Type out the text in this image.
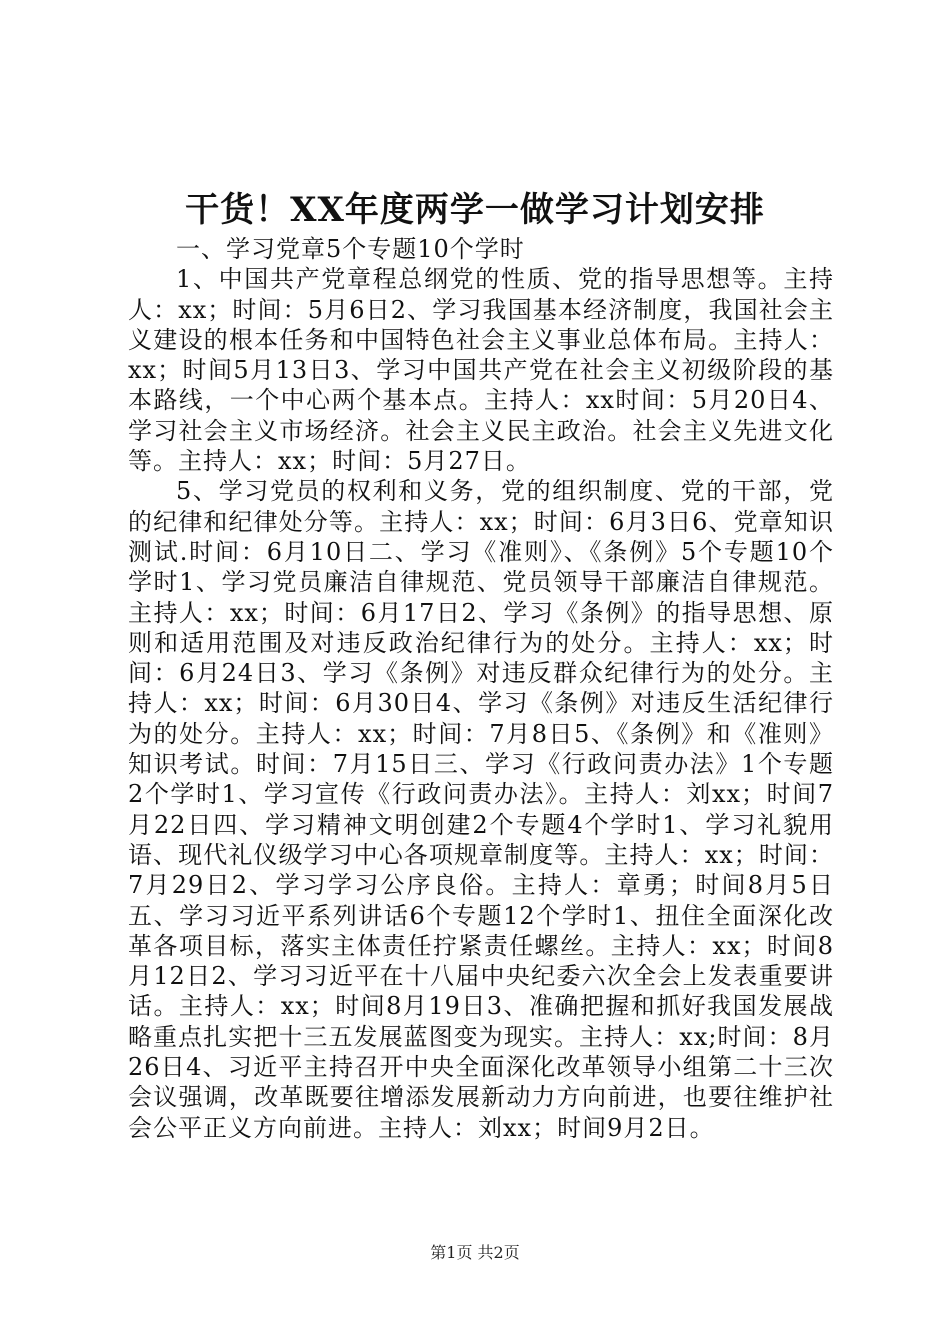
干货！XX年度两学一做学习计划安排

一、学习党章5个专题10个学时

1、中国共产党章程总纲党的性质、党的指导思想等。主持人：xx；时间：5月6日2、学习我国基本经济制度，我国社会主义建设的根本任务和中国特色社会主义事业总体布局。主持人：xx；时间5月13日3、学习中国共产党在社会主义初级阶段的基本路线，一个中心两个基本点。主持人：xx时间：5月20日4、学习社会主义市场经济。社会主义民主政治。社会主义先进文化等。主持人：xx；时间：5月27日。

5、学习党员的权利和义务，党的组织制度、党的干部，党的纪律和纪律处分等。主持人：xx；时间：6月3日6、党章知识测试.时间：6月10日二、学习《准则》、《条例》5个专题10个学时1、学习党员廉洁自律规范、党员领导干部廉洁自律规范。主持人：xx；时间：6月17日2、学习《条例》的指导思想、原则和适用范围及对违反政治纪律行为的处分。主持人：xx；时间：6月24日3、学习《条例》对违反群众纪律行为的处分。主持人：xx；时间：6月30日4、学习《条例》对违反生活纪律行为的处分。主持人：xx；时间：7月8日5、《条例》和《准则》知识考试。时间：7月15日三、学习《行政问责办法》1个专题2个学时1、学习宣传《行政问责办法》。主持人：刘xx；时间7月22日四、学习精神文明创建2个专题4个学时1、学习礼貌用语、现代礼仪级学习中心各项规章制度等。主持人：xx；时间：7月29日2、学习学习公序良俗。主持人：章勇；时间8月5日五、学习习近平系列讲话6个专题12个学时1、扭住全面深化改革各项目标，落实主体责任拧紧责任螺丝。主持人：xx；时间8月12日2、学习习近平在十八届中央纪委六次全会上发表重要讲话。主持人：xx；时间8月19日3、准确把握和抓好我国发展战略重点扎实把十三五发展蓝图变为现实。主持人：xx;时间：8月26日4、习近平主持召开中央全面深化改革领导小组第二十三次会议强调，改革既要往增添发展新动力方向前进，也要往维护社会公平正义方向前进。主持人：刘xx；时间9月2日。

第1页 共2页
